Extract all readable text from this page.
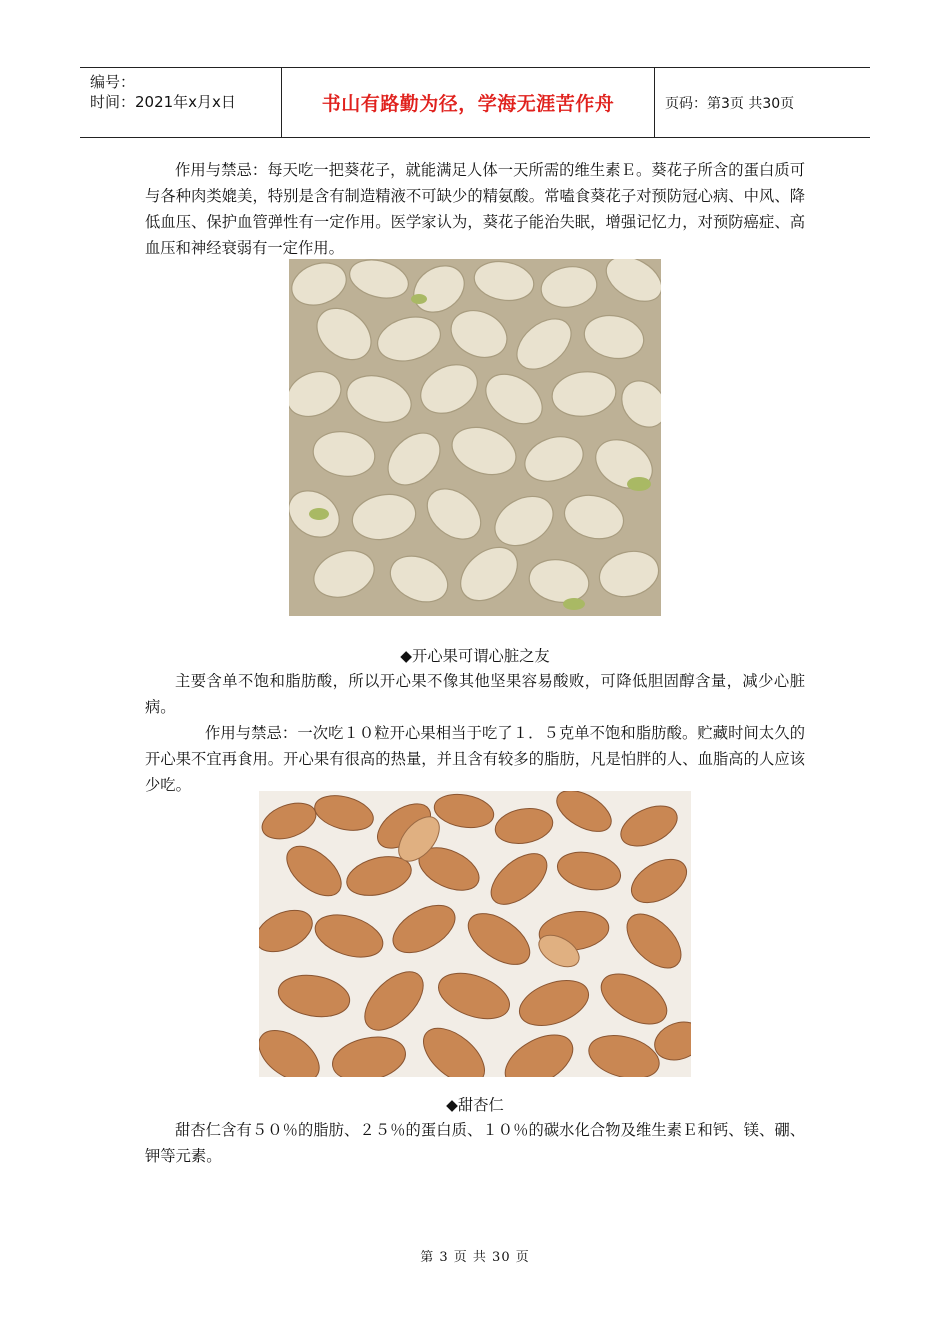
编号：
时间：2021年x月x日	书山有路勤为径，学海无涯苦作舟	页码：第3页 共30页

作用与禁忌：每天吃一把葵花子，就能满足人体一天所需的维生素Ｅ。葵花子所含的蛋白质可与各种肉类媲美，特别是含有制造精液不可缺少的精氨酸。常嗑食葵花子对预防冠心病、中风、降低血压、保护血管弹性有一定作用。医学家认为，葵花子能治失眠，增强记忆力，对预防癌症、高血压和神经衰弱有一定作用。

◆开心果可谓心脏之友

主要含单不饱和脂肪酸，所以开心果不像其他坚果容易酸败，可降低胆固醇含量，减少心脏病。

作用与禁忌：一次吃１０粒开心果相当于吃了１．５克单不饱和脂肪酸。贮藏时间太久的开心果不宜再食用。开心果有很高的热量，并且含有较多的脂肪，凡是怕胖的人、血脂高的人应该少吃。

◆甜杏仁

甜杏仁含有５０％的脂肪、２５％的蛋白质、１０％的碳水化合物及维生素Ｅ和钙、镁、硼、钾等元素。

第 3 页 共 30 页
